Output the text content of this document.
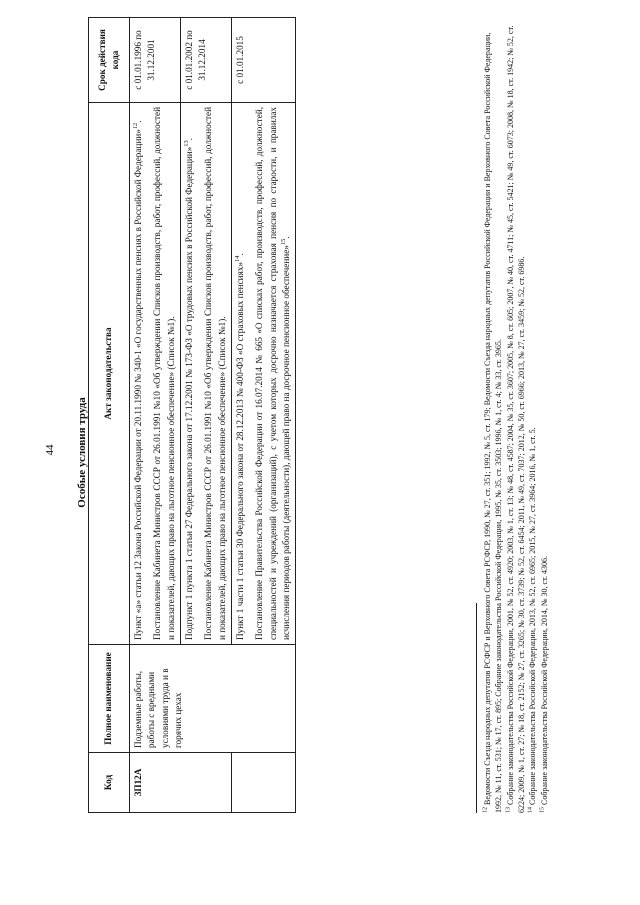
44 Особые условия труда
Код	Полное наименование	Акт законодательства	Срок действия кода
ЗП12А	Подземные работы, работы с вредными условиями труда и в горячих цехах	Пункт «а» статьи 12 Закона Российской Федерации от 20.11.1990 № 340-1 «О государственных пенсиях в Российской Федерации»$^{12}$. Постановление Кабинета Министров СССР от 26.01.1991 №10 «Об утверждении Списков производств, работ, профессий, должностей и показателей, дающих право на льготное пенсионное обеспечение» (Список №1).	с 01.01.1996 по 31.12.2001

		Подпункт 1 пункта 1 статьи 27 Федерального закона от 17.12.2001 № 173-ФЗ «О трудовых пенсиях в Российской Федерации»$^{13}$. Постановление Кабинета Министров СССР от 26.01.1991 №10 «Об утверждении Списков производств, работ, профессий, должностей и показателей, дающих право на льготное пенсионное обеспечение» (Список №1).	с 01.01.2002 по 31.12.2014

		Пункт 1 части 1 статьи 30 Федерального закона от 28.12.2013 № 400-ФЗ «О страховых пенсиях»$^{14}$. Постановление Правительства Российской Федерации от 16.07.2014 № 665 «О списках работ, производств, профессий, должностей, специальностей и учреждений (организаций), с учетом которых досрочно назначается страховая пенсия по старости, и правилах исчисления периодов работы (деятельности), дающей право на досрочное пенсионное обеспечение»$^{15}$.	с 01.01.2015

$^{12}$ Ведомости Съезда народных депутатов РСФСР и Верховного Совета РСФСР, 1990, № 27, ст. 351; 1992, № 5, ст. 179; Ведомости Съезда народных депутатов Российской Федерации и Верховного Совета Российской Федерации, 1992, № 11, ст. 531; № 17, ст. 895; Собрание законодательства Российской Федерации, 1995, № 35, ст. 3503; 1996, № 1, ст. 4; № 33, ст. 3965. $^{13}$ Собрание законодательства Российской Федерации, 2001, № 52, ст. 4920; 2003, № 1, ст. 13; № 48, ст. 4587; 2004, № 35, ст. 3607; 2005, № 8, ст. 605; 2007, № 40, ст. 4711; № 45, ст. 5421; № 49, ст. 6073; 2008, № 18, ст. 1942; № 52, ст. 6224; 2009, № 1, ст. 27; № 18, ст. 2152; № 27, ст. 3265; № 30, ст. 3739; № 52, ст. 6454; 2011, № 49, ст. 7037; 2012, № 50, ст. 6966; 2013, № 27, ст. 3459; № 52, ст. 6986. $^{14}$ Собрание законодательства Российской Федерации, 2013, № 52, ст. 6965; 2015, № 27, ст. 3964; 2016, № 1, ст. 5.

$^{15}$ Собрание законодательства Российской Федерации, 2014, № 30, ст. 4306.
